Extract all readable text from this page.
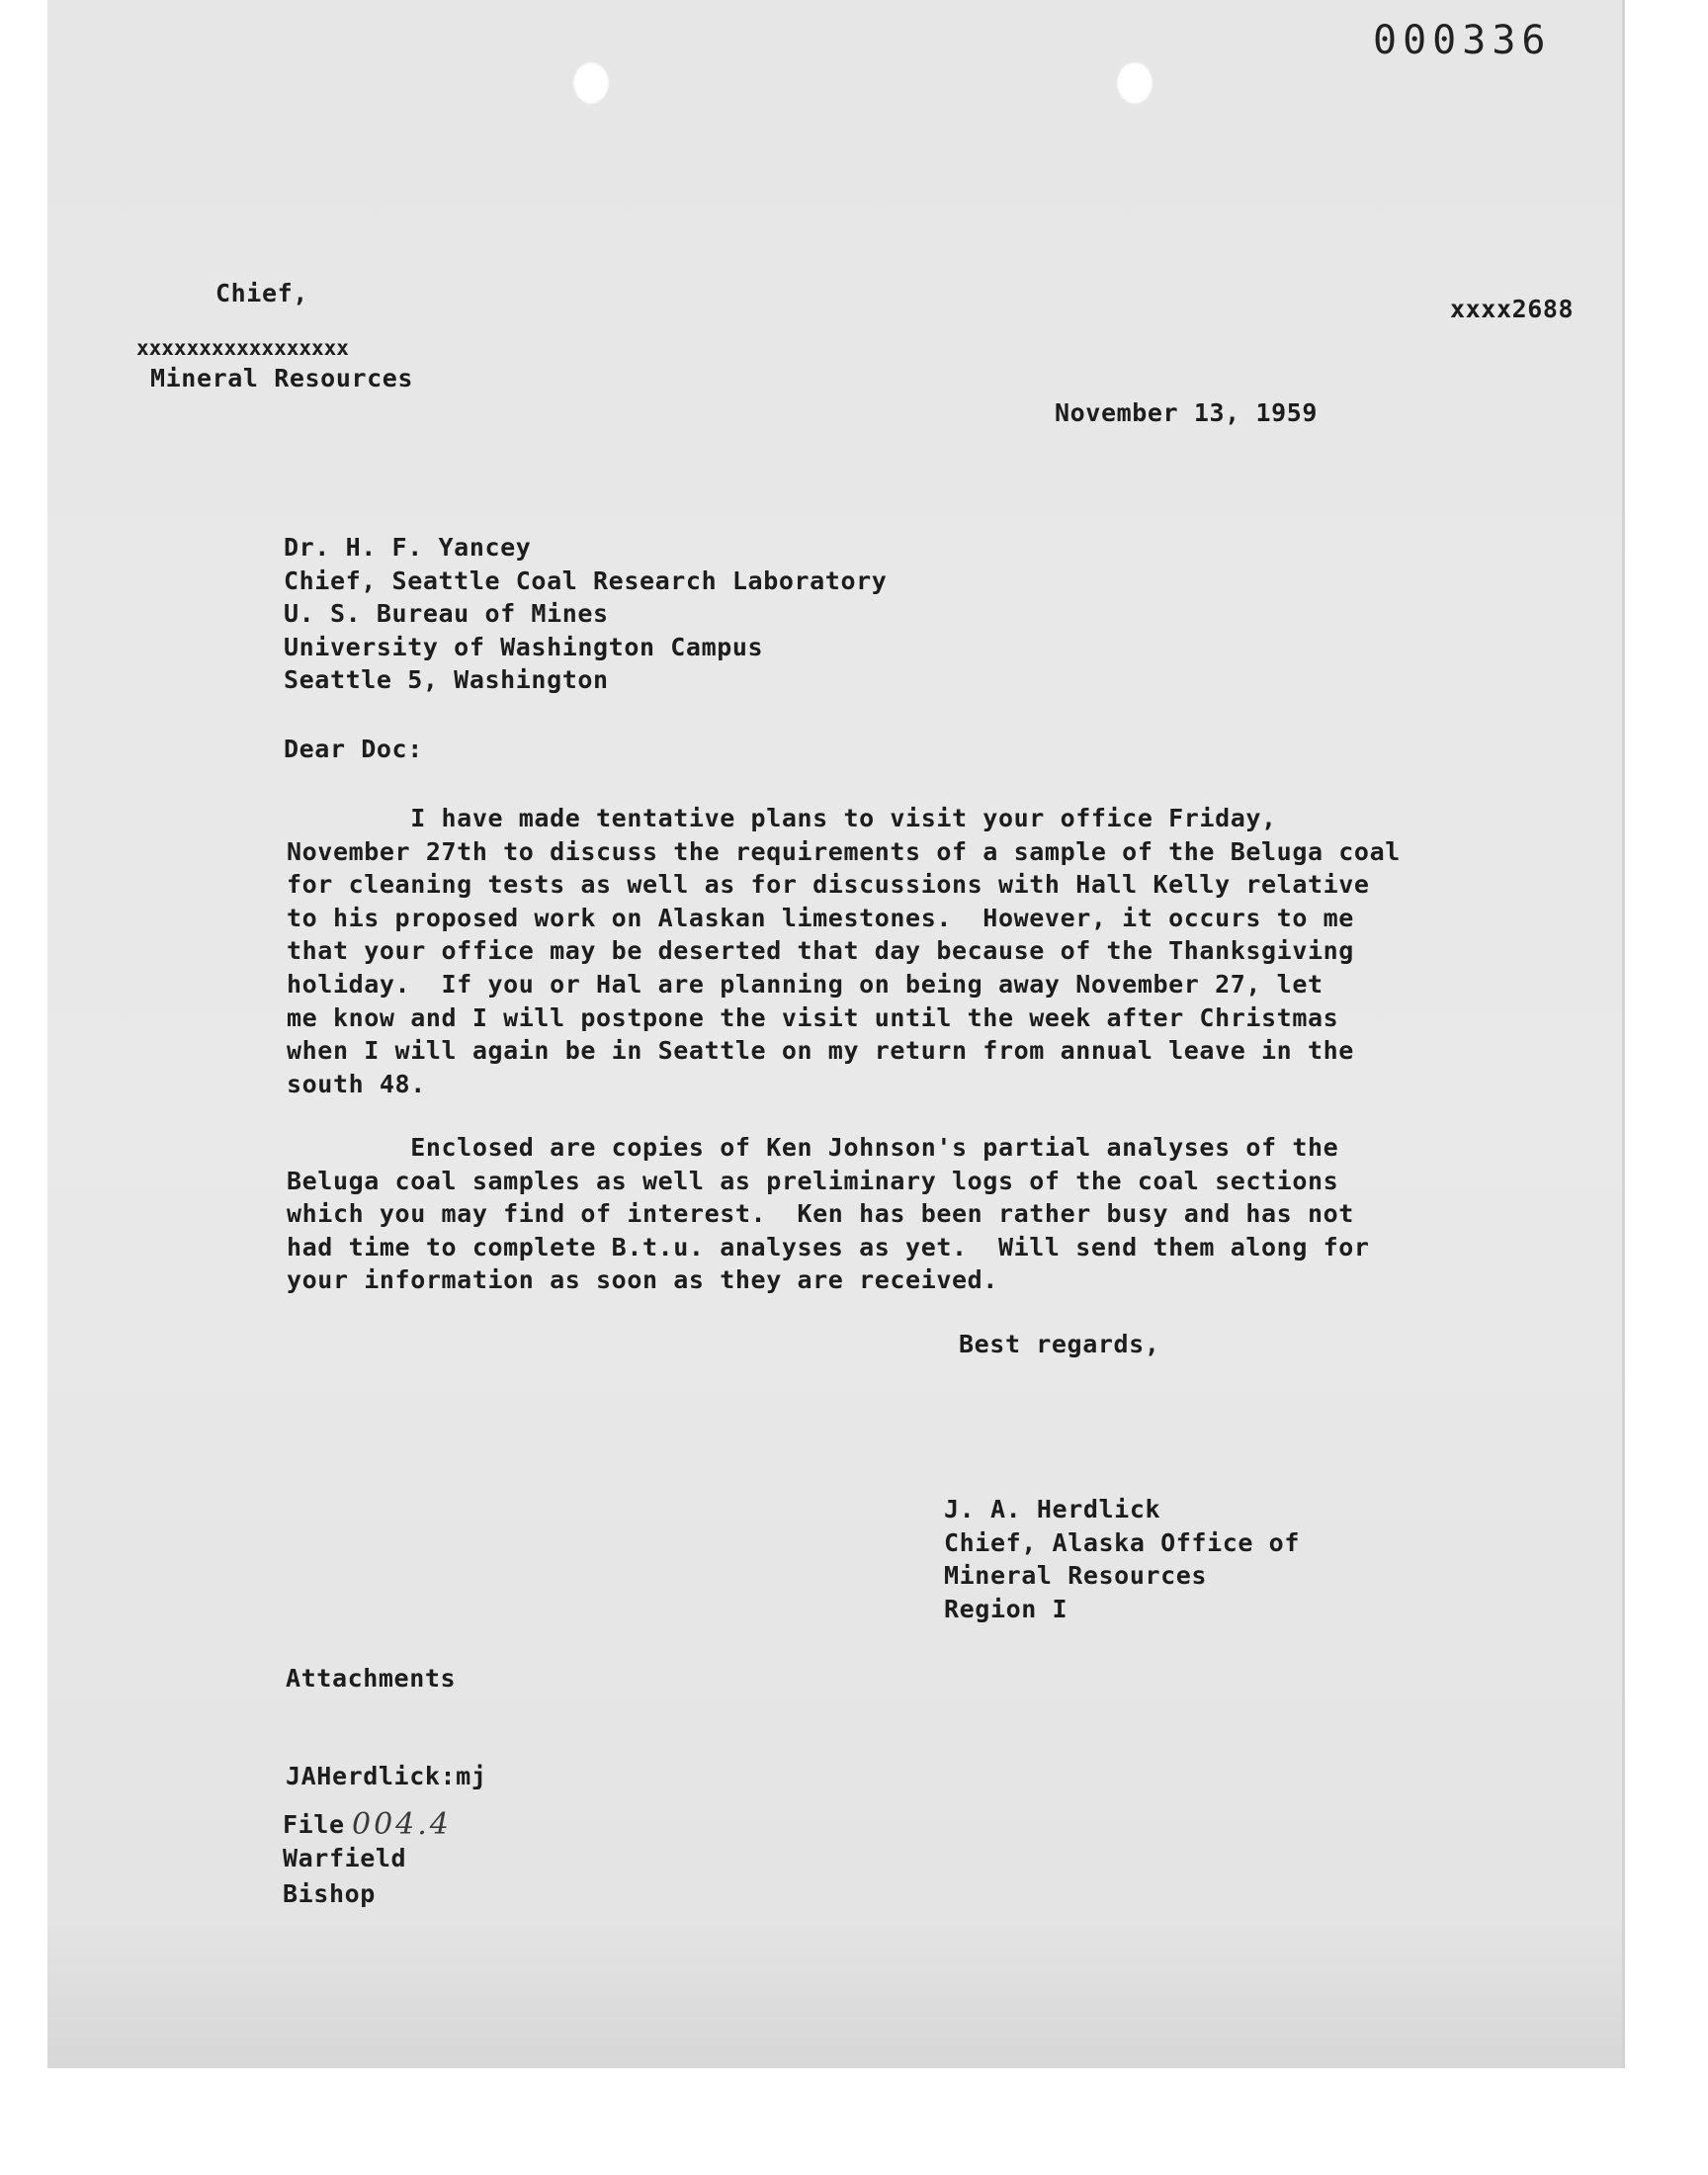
000336
Chief,
xxxxxxxxxxxxxxxxx
Mineral Resources
xxxx2688
November 13, 1959
Dr. H. F. Yancey
Chief, Seattle Coal Research Laboratory
U. S. Bureau of Mines
University of Washington Campus
Seattle 5, Washington
Dear Doc:
I have made tentative plans to visit your office Friday,
November 27th to discuss the requirements of a sample of the Beluga coal
for cleaning tests as well as for discussions with Hall Kelly relative
to his proposed work on Alaskan limestones.  However, it occurs to me
that your office may be deserted that day because of the Thanksgiving
holiday.  If you or Hal are planning on being away November 27, let
me know and I will postpone the visit until the week after Christmas
when I will again be in Seattle on my return from annual leave in the
south 48.
Enclosed are copies of Ken Johnson's partial analyses of the
Beluga coal samples as well as preliminary logs of the coal sections
which you may find of interest.  Ken has been rather busy and has not
had time to complete B.t.u. analyses as yet.  Will send them along for
your information as soon as they are received.
Best regards,
J. A. Herdlick
Chief, Alaska Office of
Mineral Resources
Region I
Attachments
JAHerdlick:mj
File 004.4
Warfield
Bishop
